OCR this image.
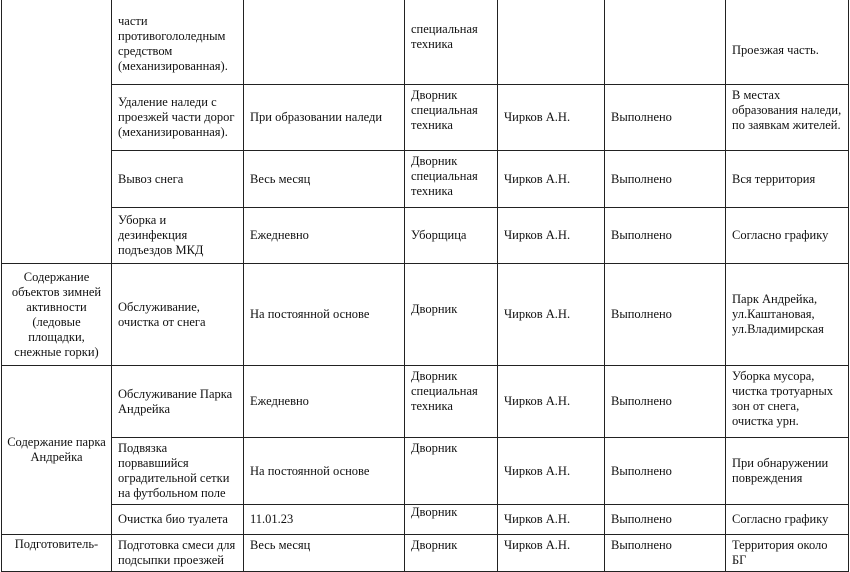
	части противогололедным средством (механизированная).		специальная техника			Проезжая часть.
	Удаление наледи с проезжей части дорог (механизированная).	При образовании наледи	Дворник специальная техника	Чирков А.Н.	Выполнено	В местах образования наледи, по заявкам жителей.
	Вывоз снега	Весь месяц	Дворник специальная техника	Чирков А.Н.	Выполнено	Вся территория
	Уборка и дезинфекция подъездов МКД	Ежедневно	Уборщица	Чирков А.Н.	Выполнено	Согласно графику
Содержание объектов зимней активности (ледовые площадки, снежные горки)	Обслуживание, очистка от снега	На постоянной основе	Дворник	Чирков А.Н.	Выполнено	Парк Андрейка, ул.Каштановая, ул.Владимирская
Содержание парка Андрейка	Обслуживание Парка Андрейка	Ежедневно	Дворник специальная техника	Чирков А.Н.	Выполнено	Уборка мусора, чистка тротуарных зон от снега, очистка урн.
	Подвязка порвавшийся оградительной сетки на футбольном поле	На постоянной основе	Дворник	Чирков А.Н.	Выполнено	При обнаружении повреждения
	Очистка био туалета	11.01.23	Дворник	Чирков А.Н.	Выполнено	Согласно графику
Подготовитель-	Подготовка смеси для подсыпки проезжей	Весь месяц	Дворник	Чирков А.Н.	Выполнено	Территория около БГ
